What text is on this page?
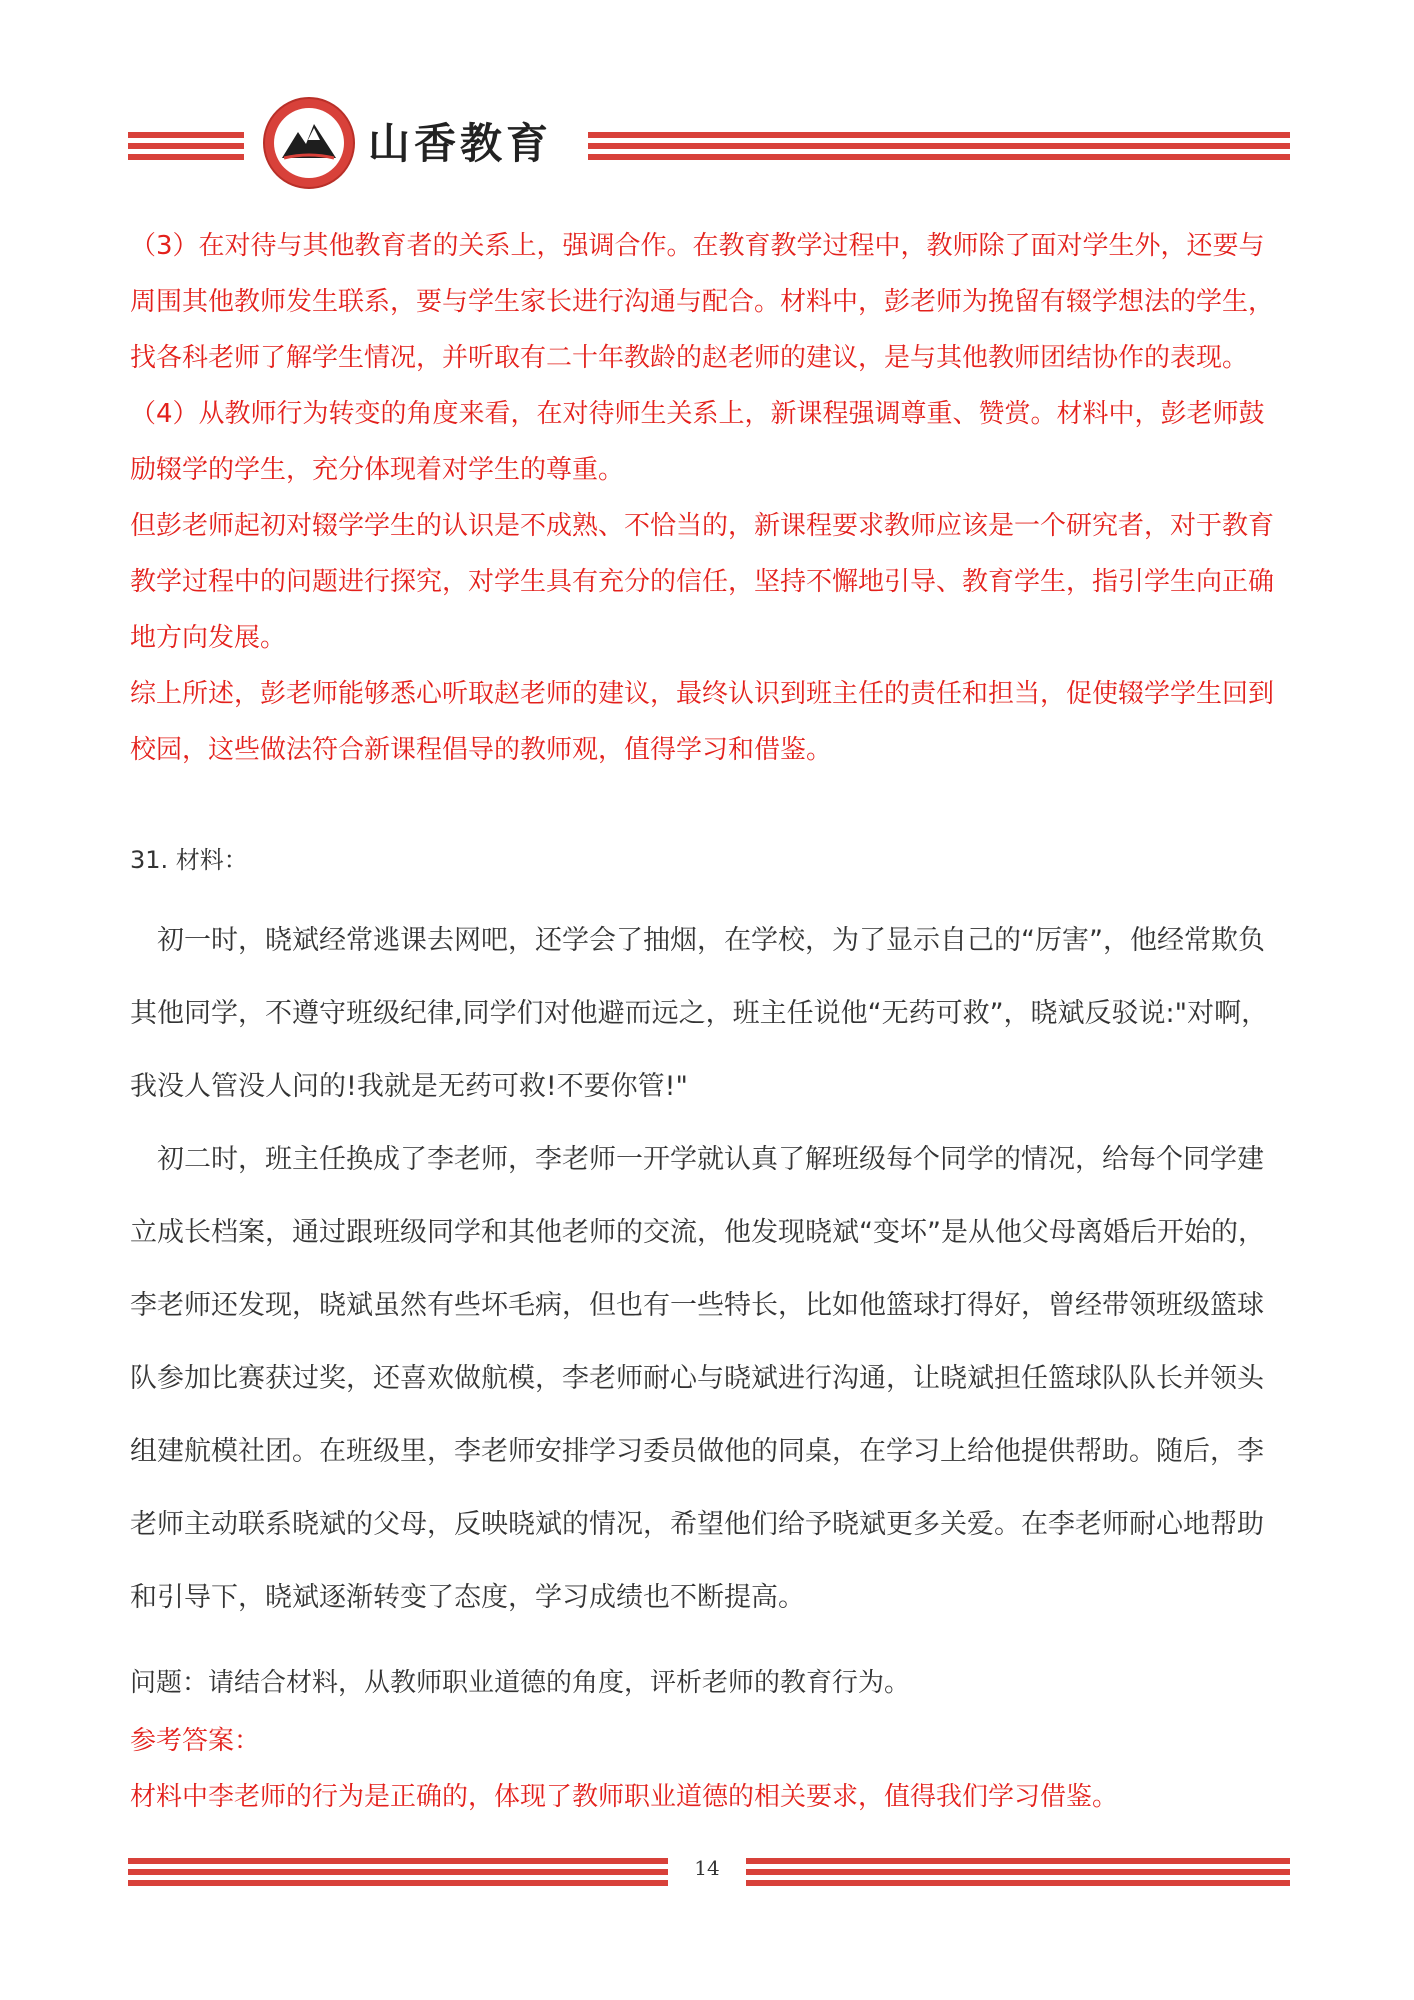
山香教育

（3）在对待与其他教育者的关系上，强调合作。在教育教学过程中，教师除了面对学生外，还要与周围其他教师发生联系，要与学生家长进行沟通与配合。材料中，彭老师为挽留有辍学想法的学生，找各科老师了解学生情况，并听取有二十年教龄的赵老师的建议，是与其他教师团结协作的表现。

（4）从教师行为转变的角度来看，在对待师生关系上，新课程强调尊重、赞赏。材料中，彭老师鼓励辍学的学生，充分体现着对学生的尊重。

但彭老师起初对辍学学生的认识是不成熟、不恰当的，新课程要求教师应该是一个研究者，对于教育教学过程中的问题进行探究，对学生具有充分的信任，坚持不懈地引导、教育学生，指引学生向正确地方向发展。

综上所述，彭老师能够悉心听取赵老师的建议，最终认识到班主任的责任和担当，促使辍学学生回到校园，这些做法符合新课程倡导的教师观，值得学习和借鉴。

31. 材料：

初一时，晓斌经常逃课去网吧，还学会了抽烟，在学校，为了显示自己的“厉害”，他经常欺负其他同学，不遵守班级纪律,同学们对他避而远之，班主任说他“无药可救”，晓斌反驳说:"对啊，我没人管没人问的!我就是无药可救!不要你管!"

初二时，班主任换成了李老师，李老师一开学就认真了解班级每个同学的情况，给每个同学建立成长档案，通过跟班级同学和其他老师的交流，他发现晓斌“变坏”是从他父母离婚后开始的，李老师还发现，晓斌虽然有些坏毛病，但也有一些特长，比如他篮球打得好，曾经带领班级篮球队参加比赛获过奖，还喜欢做航模，李老师耐心与晓斌进行沟通，让晓斌担任篮球队队长并领头组建航模社团。在班级里，李老师安排学习委员做他的同桌，在学习上给他提供帮助。随后，李老师主动联系晓斌的父母，反映晓斌的情况，希望他们给予晓斌更多关爱。在李老师耐心地帮助和引导下，晓斌逐渐转变了态度，学习成绩也不断提高。

问题：请结合材料，从教师职业道德的角度，评析老师的教育行为。
参考答案：
材料中李老师的行为是正确的，体现了教师职业道德的相关要求，值得我们学习借鉴。
14
